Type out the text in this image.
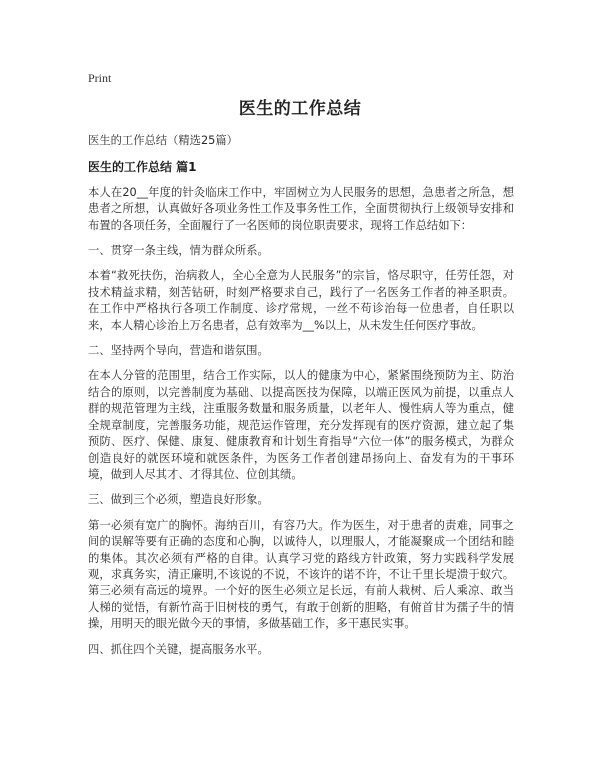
Print
医生的工作总结

医生的工作总结（精选25篇）

医生的工作总结 篇1

本人在20__年度的针灸临床工作中，牢固树立为人民服务的思想，急患者之所急，想患者之所想，认真做好各项业务性工作及事务性工作，全面贯彻执行上级领导安排和布置的各项任务，全面履行了一名医师的岗位职责要求，现将工作总结如下：

一、贯穿一条主线，情为群众所系。

本着“救死扶伤，治病救人，全心全意为人民服务”的宗旨，恪尽职守，任劳任怨，对技术精益求精，刻苦钻研，时刻严格要求自己，践行了一名医务工作者的神圣职责。在工作中严格执行各项工作制度、诊疗常规，一丝不苟诊治每一位患者，自任职以来，本人精心诊治上万名患者，总有效率为__%以上，从未发生任何医疗事故。

二、坚持两个导向，营造和谐氛围。

在本人分管的范围里，结合工作实际，以人的健康为中心，紧紧围绕预防为主、防治结合的原则，以完善制度为基础、以提高医技为保障，以端正医风为前提，以重点人群的规范管理为主线，注重服务数量和服务质量，以老年人、慢性病人等为重点，健全规章制度，完善服务功能，规范运作管理，充分发挥现有的医疗资源，建立起了集预防、医疗、保健、康复、健康教育和计划生育指导“六位一体”的服务模式，为群众创造良好的就医环境和就医条件，为医务工作者创建昂扬向上、奋发有为的干事环境，做到人尽其才、才得其位、位创其绩。

三、做到三个必须，塑造良好形象。

第一必须有宽广的胸怀。海纳百川，有容乃大。作为医生，对于患者的责难，同事之间的误解等要有正确的态度和心胸，以诚待人，以理服人，才能凝聚成一个团结和睦的集体。其次必须有严格的自律。认真学习党的路线方针政策，努力实践科学发展观，求真务实，清正廉明,不该说的不说，不该许的诺不许，不让千里长堤溃于蚁穴。第三必须有高远的境界。一个好的医生必须立足长远，有前人栽树、后人乘凉、敢当人梯的觉悟，有新竹高于旧树枝的勇气，有敢于创新的胆略，有俯首甘为孺子牛的情操，用明天的眼光做今天的事情，多做基础工作，多干惠民实事。

四、抓住四个关键，提高服务水平。
